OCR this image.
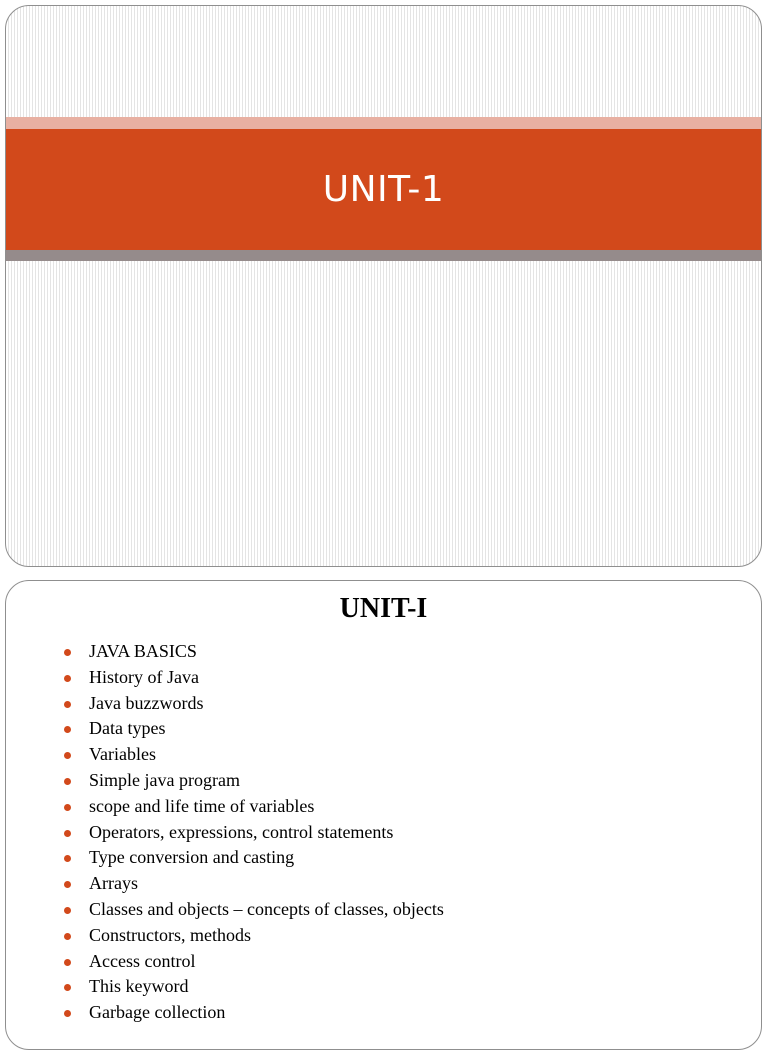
UNIT-1
UNIT-I
JAVA BASICS
History of Java
Java buzzwords
Data types
Variables
Simple java program
scope and life time of variables
Operators, expressions, control statements
Type conversion and casting
Arrays
Classes and objects – concepts of classes, objects
Constructors, methods
Access control
This keyword
Garbage collection
